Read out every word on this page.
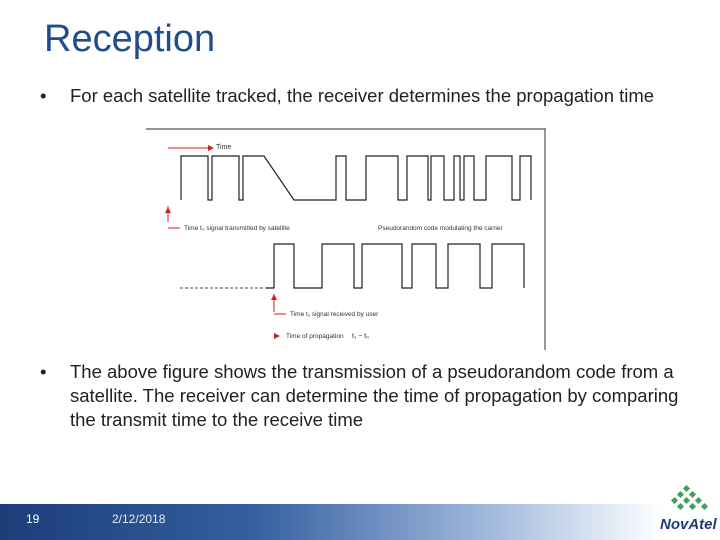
Reception
• For each satellite tracked, the receiver determines the propagation time
Time
Time t₀ signal transmitted by satellite	Pseudorandom code modulating the carrier
Time t₁ signal received by user
Time of propagation t₁ − t₀
• The above figure shows the transmission of a pseudorandom code from a satellite. The receiver can determine the time of propagation by comparing the transmit time to the receive time
19	2/12/2018	NovAtel
